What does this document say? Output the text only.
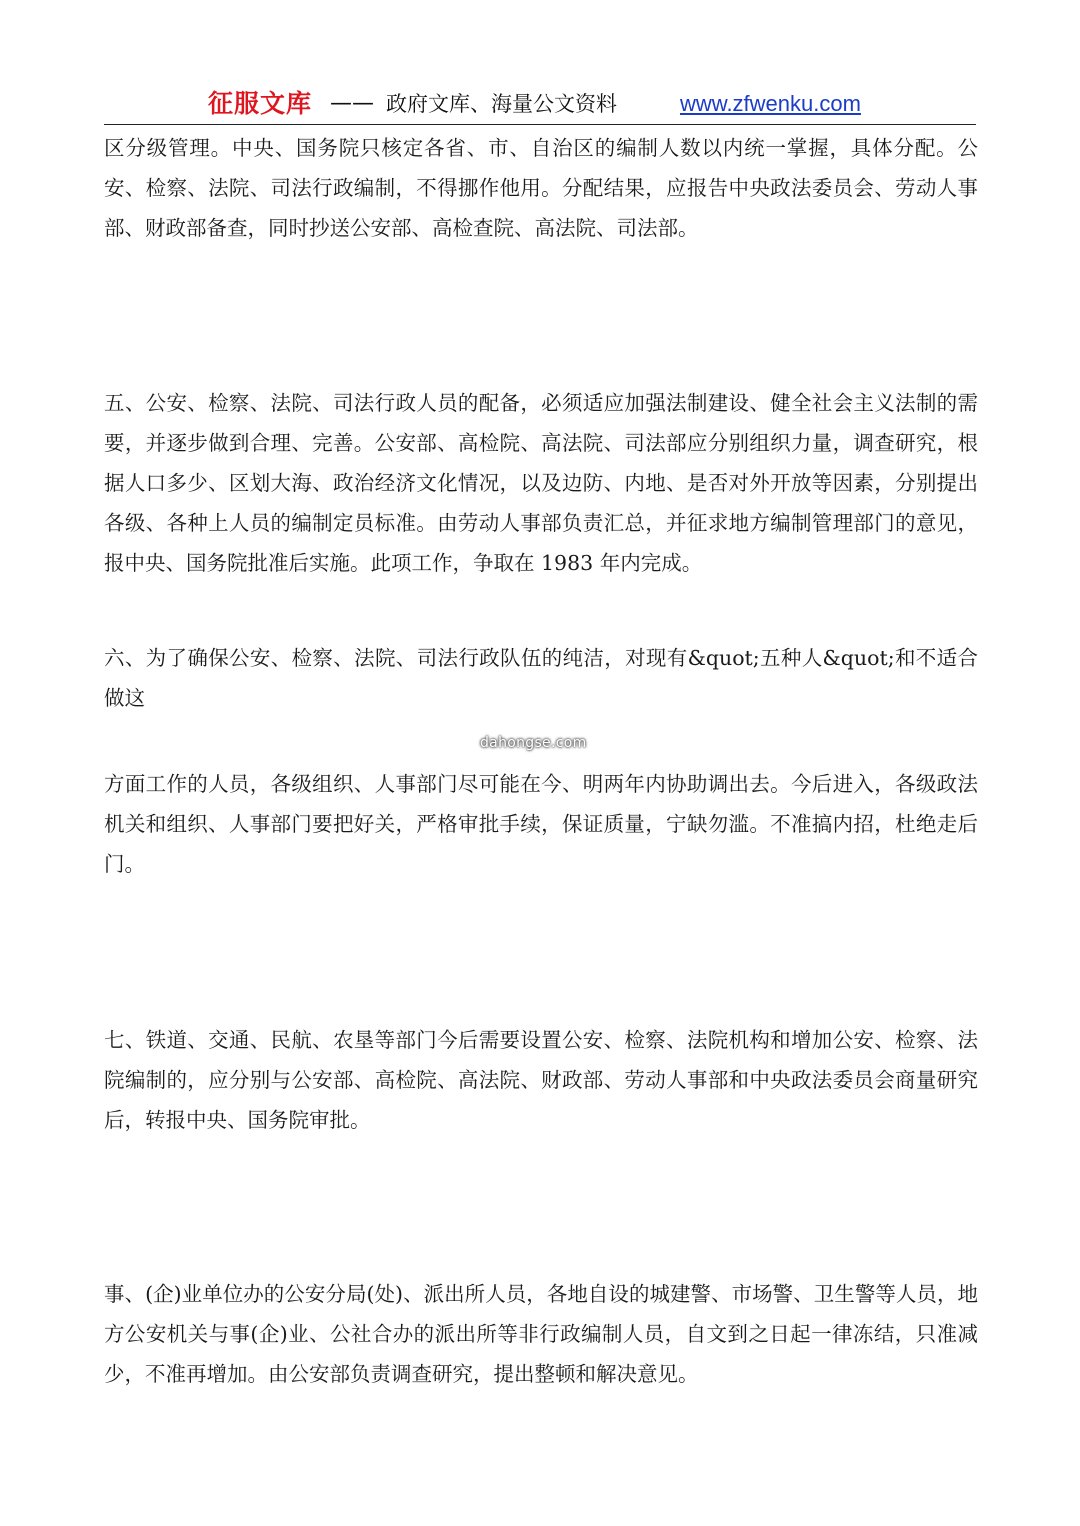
征服文库 —— 政府文库、海量公文资料	www.zfwenku.com

区分级管理。中央、国务院只核定各省、市、自治区的编制人数以内统一掌握，具体分配。公安、检察、法院、司法行政编制，不得挪作他用。分配结果，应报告中央政法委员会、劳动人事部、财政部备查，同时抄送公安部、高检查院、高法院、司法部。

五、公安、检察、法院、司法行政人员的配备，必须适应加强法制建设、健全社会主义法制的需要，并逐步做到合理、完善。公安部、高检院、高法院、司法部应分别组织力量，调查研究，根据人口多少、区划大海、政治经济文化情况，以及边防、内地、是否对外开放等因素，分别提出各级、各种上人员的编制定员标准。由劳动人事部负责汇总，并征求地方编制管理部门的意见，报中央、国务院批准后实施。此项工作，争取在 1983 年内完成。

六、为了确保公安、检察、法院、司法行政队伍的纯洁，对现有&quot;五种人&quot;和不适合做这

dahongse.com

方面工作的人员，各级组织、人事部门尽可能在今、明两年内协助调出去。今后进入，各级政法机关和组织、人事部门要把好关，严格审批手续，保证质量，宁缺勿滥。不准搞内招，杜绝走后门。

七、铁道、交通、民航、农垦等部门今后需要设置公安、检察、法院机构和增加公安、检察、法院编制的，应分别与公安部、高检院、高法院、财政部、劳动人事部和中央政法委员会商量研究后，转报中央、国务院审批。

事、(企)业单位办的公安分局(处)、派出所人员，各地自设的城建警、市场警、卫生警等人员，地方公安机关与事(企)业、公社合办的派出所等非行政编制人员，自文到之日起一律冻结，只准减少，不准再增加。由公安部负责调查研究，提出整顿和解决意见。
